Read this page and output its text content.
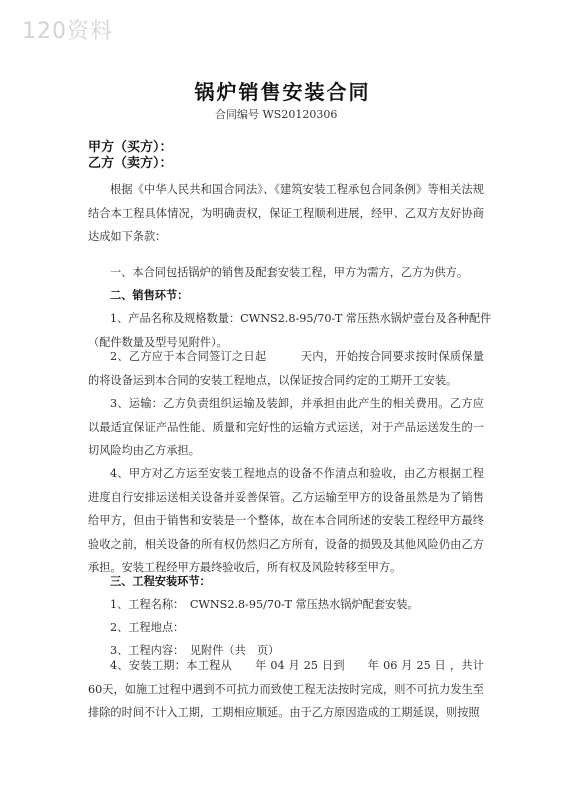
120资料
锅炉销售安装合同
合同编号 WS20120306
甲方（买方）：
乙方（卖方）：
根据《中华人民共和国合同法》、《建筑安装工程承包合同条例》等相关法规结合本工程具体情况，为明确责权，保证工程顺利进展，经甲、乙双方友好协商达成如下条款：
一、本合同包括锅炉的销售及配套安装工程，甲方为需方，乙方为供方。
二、销售环节：
1、产品名称及规格数量：CWNS2.8-95/70-T 常压热水锅炉壹台及各种配件
（配件数量及型号见附件）。
2、乙方应于本合同签订之日起　　　天内，开始按合同要求按时保质保量的将设备运到本合同的安装工程地点，以保证按合同约定的工期开工安装。
3、运输：乙方负责组织运输及装卸，并承担由此产生的相关费用。乙方应以最适宜保证产品性能、质量和完好性的运输方式运送，对于产品运送发生的一切风险均由乙方承担。
4、甲方对乙方运至安装工程地点的设备不作清点和验收，由乙方根据工程进度自行安排运送相关设备并妥善保管。乙方运输至甲方的设备虽然是为了销售给甲方，但由于销售和安装是一个整体，故在本合同所述的安装工程经甲方最终验收之前，相关设备的所有权仍然归乙方所有，设备的损毁及其他风险仍由乙方承担。安装工程经甲方最终验收后，所有权及风险转移至甲方。
三、工程安装环节：
1、工程名称：　CWNS2.8-95/70-T 常压热水锅炉配套安装。
2、工程地点：
3、工程内容：　见附件（共　页）
4、安装工期：本工程从　　年 04 月 25 日到　　年 06 月 25 日 ，共计60天，如施工过程中遇到不可抗力而致使工程无法按时完成，则不可抗力发生至排除的时间不计入工期，工期相应顺延。由于乙方原因造成的工期延误，则按照
